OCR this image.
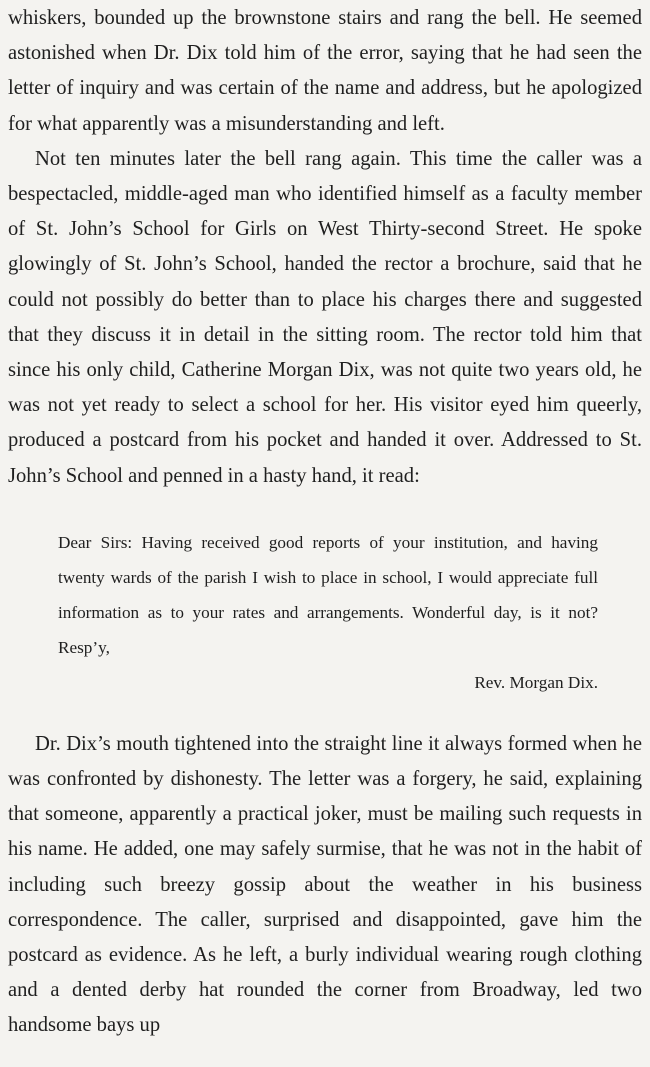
whiskers, bounded up the brownstone stairs and rang the bell. He seemed astonished when Dr. Dix told him of the error, saying that he had seen the letter of inquiry and was certain of the name and address, but he apologized for what apparently was a misunderstanding and left.

Not ten minutes later the bell rang again. This time the caller was a bespectacled, middle-aged man who identified himself as a faculty member of St. John’s School for Girls on West Thirty-second Street. He spoke glowingly of St. John’s School, handed the rector a brochure, said that he could not possibly do better than to place his charges there and suggested that they discuss it in detail in the sitting room. The rector told him that since his only child, Catherine Morgan Dix, was not quite two years old, he was not yet ready to select a school for her. His visitor eyed him queerly, produced a postcard from his pocket and handed it over. Addressed to St. John’s School and penned in a hasty hand, it read:

Dear Sirs: Having received good reports of your institution, and having twenty wards of the parish I wish to place in school, I would appreciate full information as to your rates and arrangements. Wonderful day, is it not? Resp’y,

Rev. Morgan Dix.

Dr. Dix’s mouth tightened into the straight line it always formed when he was confronted by dishonesty. The letter was a forgery, he said, explaining that someone, apparently a practical joker, must be mailing such requests in his name. He added, one may safely surmise, that he was not in the habit of including such breezy gossip about the weather in his business correspondence. The caller, surprised and disappointed, gave him the postcard as evidence. As he left, a burly individual wearing rough clothing and a dented derby hat rounded the corner from Broadway, led two handsome bays up
